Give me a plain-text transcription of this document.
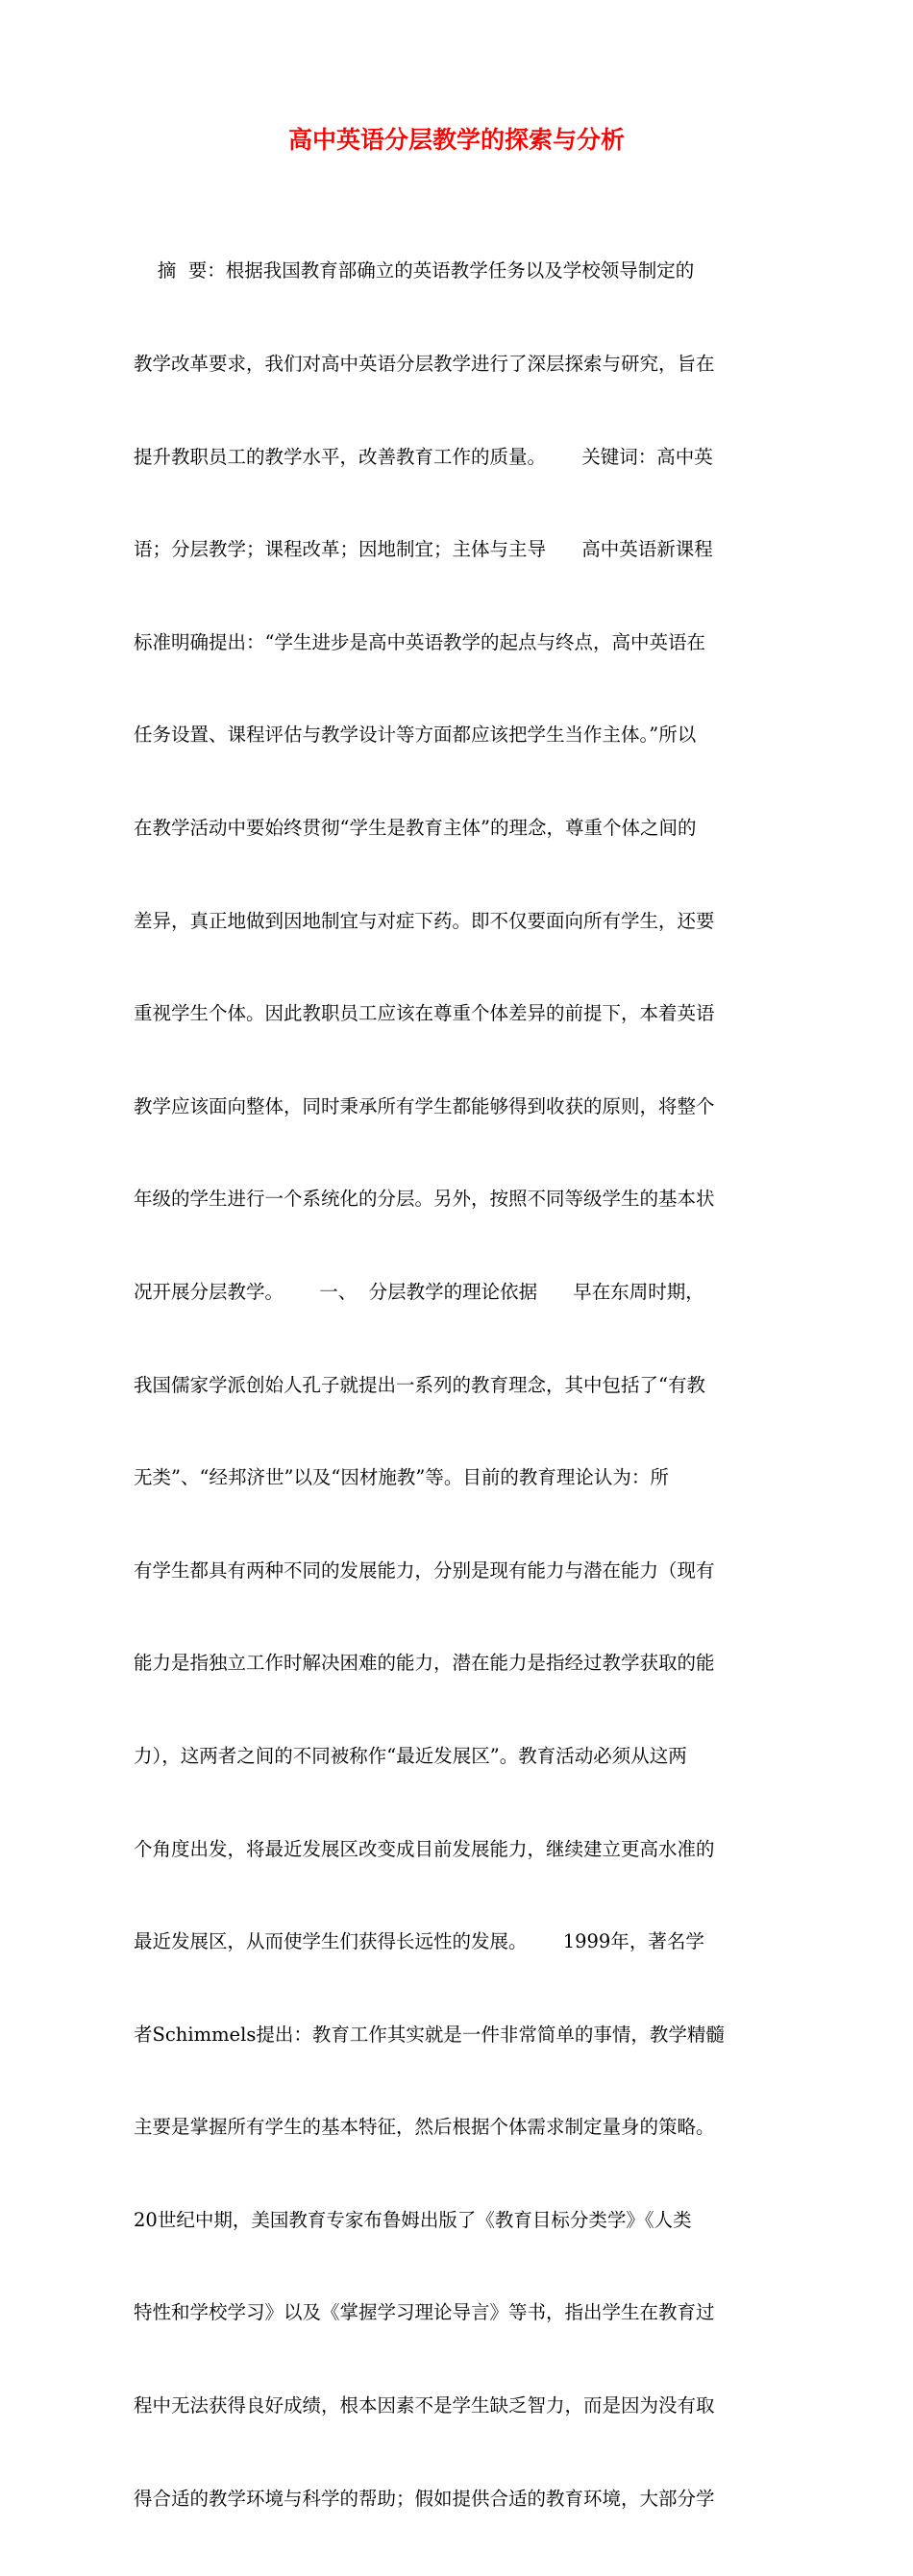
高中英语分层教学的探索与分析

摘  要：根据我国教育部确立的英语教学任务以及学校领导制定的

教学改革要求，我们对高中英语分层教学进行了深层探索与研究，旨在

提升教职员工的教学水平，改善教育工作的质量。      关键词：高中英

语；分层教学；课程改革；因地制宜；主体与主导      高中英语新课程

标准明确提出：“学生进步是高中英语教学的起点与终点，高中英语在

任务设置、课程评估与教学设计等方面都应该把学生当作主体。”所以

在教学活动中要始终贯彻“学生是教育主体”的理念，尊重个体之间的

差异，真正地做到因地制宜与对症下药。即不仅要面向所有学生，还要

重视学生个体。因此教职员工应该在尊重个体差异的前提下，本着英语

教学应该面向整体，同时秉承所有学生都能够得到收获的原则，将整个

年级的学生进行一个系统化的分层。另外，按照不同等级学生的基本状

况开展分层教学。      一、  分层教学的理论依据      早在东周时期，

我国儒家学派创始人孔子就提出一系列的教育理念，其中包括了“有教

无类”、“经邦济世”以及“因材施教”等。目前的教育理论认为：所

有学生都具有两种不同的发展能力，分别是现有能力与潜在能力（现有

能力是指独立工作时解决困难的能力，潜在能力是指经过教学获取的能

力），这两者之间的不同被称作“最近发展区”。教育活动必须从这两

个角度出发，将最近发展区改变成目前发展能力，继续建立更高水准的

最近发展区，从而使学生们获得长远性的发展。      1999年，著名学

者Schimmels提出：教育工作其实就是一件非常简单的事情，教学精髓

主要是掌握所有学生的基本特征，然后根据个体需求制定量身的策略。

20世纪中期，美国教育专家布鲁姆出版了《教育目标分类学》《人类

特性和学校学习》以及《掌握学习理论导言》等书，指出学生在教育过

程中无法获得良好成绩，根本因素不是学生缺乏智力，而是因为没有取

得合适的教学环境与科学的帮助；假如提供合适的教育环境，大部分学
